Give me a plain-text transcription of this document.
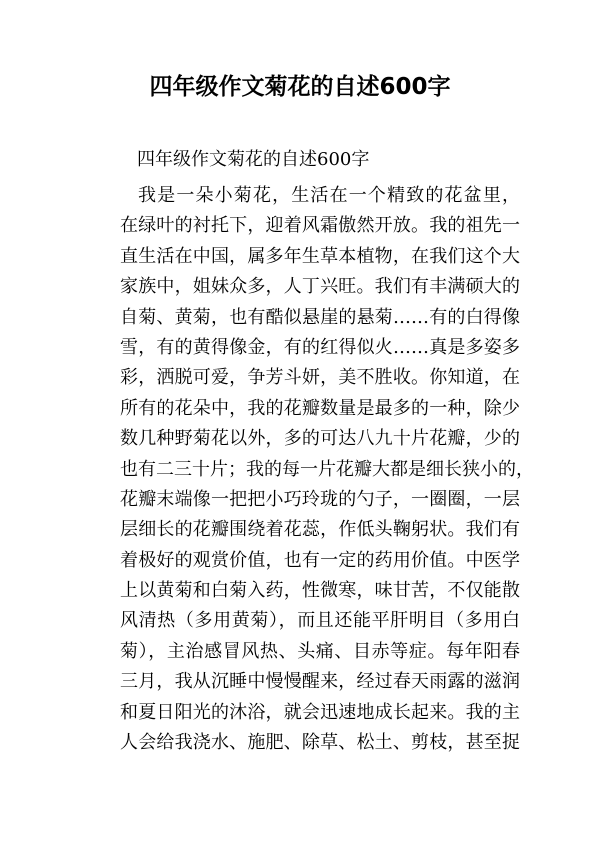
四年级作文菊花的自述600字
四年级作文菊花的自述600字
我是一朵小菊花，生活在一个精致的花盆里，
在绿叶的衬托下，迎着风霜傲然开放。我的祖先一
直生活在中国，属多年生草本植物，在我们这个大
家族中，姐妹众多，人丁兴旺。我们有丰满硕大的
自菊、黄菊，也有酷似悬崖的悬菊……有的白得像
雪，有的黄得像金，有的红得似火……真是多姿多
彩，洒脱可爱，争芳斗妍，美不胜收。你知道，在
所有的花朵中，我的花瓣数量是最多的一种，除少
数几种野菊花以外，多的可达八九十片花瓣，少的
也有二三十片；我的每一片花瓣大都是细长狭小的，
花瓣末端像一把把小巧玲珑的勺子，一圈圈，一层
层细长的花瓣围绕着花蕊，作低头鞠躬状。我们有
着极好的观赏价值，也有一定的药用价值。中医学
上以黄菊和白菊入药，性微寒，味甘苦，不仅能散
风清热（多用黄菊），而且还能平肝明目（多用白
菊），主治感冒风热、头痛、目赤等症。每年阳春
三月，我从沉睡中慢慢醒来，经过春天雨露的滋润
和夏日阳光的沐浴，就会迅速地成长起来。我的主
人会给我浇水、施肥、除草、松土、剪枝，甚至捉
